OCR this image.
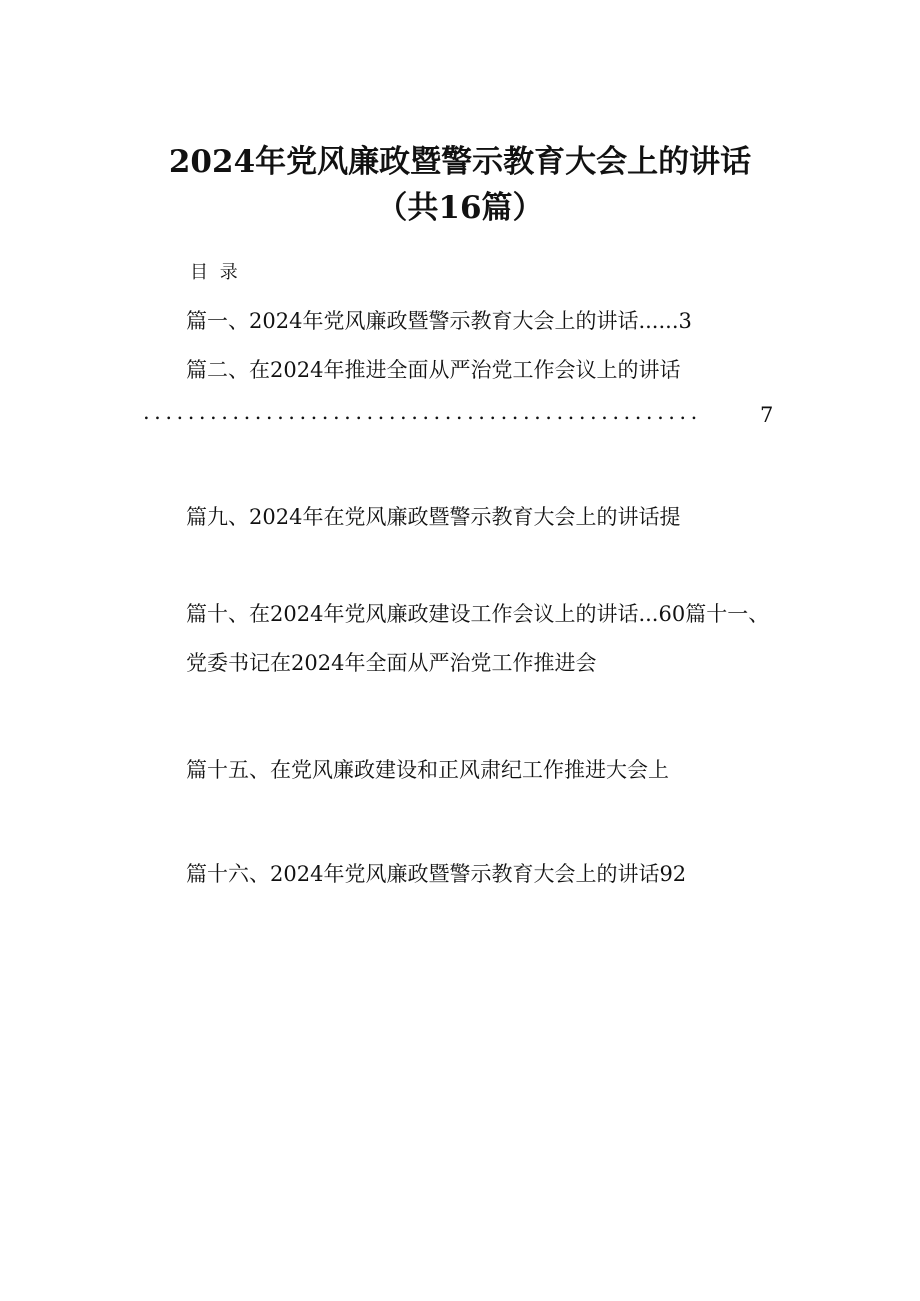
2024年党风廉政暨警示教育大会上的讲话
（共16篇）
目 录
篇一、2024年党风廉政暨警示教育大会上的讲话......3
篇二、在2024年推进全面从严治党工作会议上的讲话
..................................................	7
篇九、2024年在党风廉政暨警示教育大会上的讲话提
篇十、在2024年党风廉政建设工作会议上的讲话...60篇十一、
党委书记在2024年全面从严治党工作推进会
篇十五、在党风廉政建设和正风肃纪工作推进大会上
篇十六、2024年党风廉政暨警示教育大会上的讲话92
